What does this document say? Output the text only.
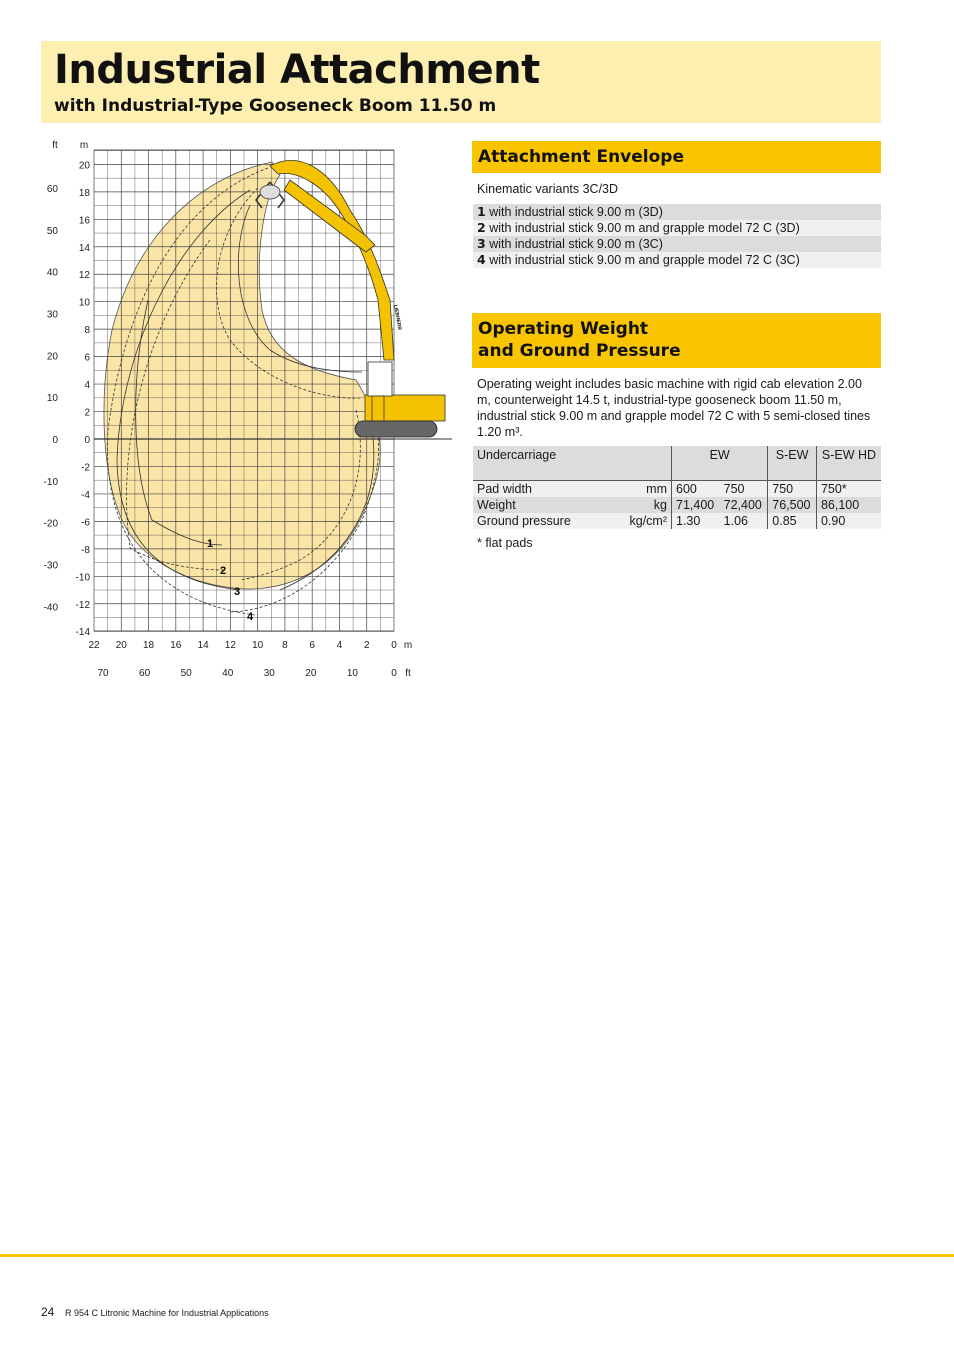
Industrial Attachment
with Industrial-Type Gooseneck Boom 11.50 m
1
2
3
4
LIEBHERR
ft m
m
ft
20
18
16
14
12
10
8
6
4
2
0
-2
-4
-6
-8
-10
-12
-14
60
50
40
30
20
10
0
-10
-20
-30
-40
22 20 18 16 14 12 10 8 6 4 2 0
70	60	50	40	30	20	10	0
Attachment Envelope
Kinematic variants 3C/3D
1 with industrial stick 9.00 m (3D)
2 with industrial stick 9.00 m and grapple model 72 C (3D)
3 with industrial stick 9.00 m (3C)
4 with industrial stick 9.00 m and grapple model 72 C (3C)
Operating Weight
and Ground Pressure
Operating weight includes basic machine with rigid cab elevation 2.00 m, counterweight 14.5 t, industrial-type gooseneck boom 11.50 m, industrial stick 9.00 m and grapple model 72 C with 5 semi-closed tines 1.20 m³.
Undercarriage	EW		S-EW	S-EW HD
Pad width mm	600	750	750	750*
Weight kg	71,400	72,400	76,500	86,100
Ground pressure kg/cm²	1.30	1.06	0.85	0.90
* flat pads
24 R 954 C Litronic Machine for Industrial Applications
